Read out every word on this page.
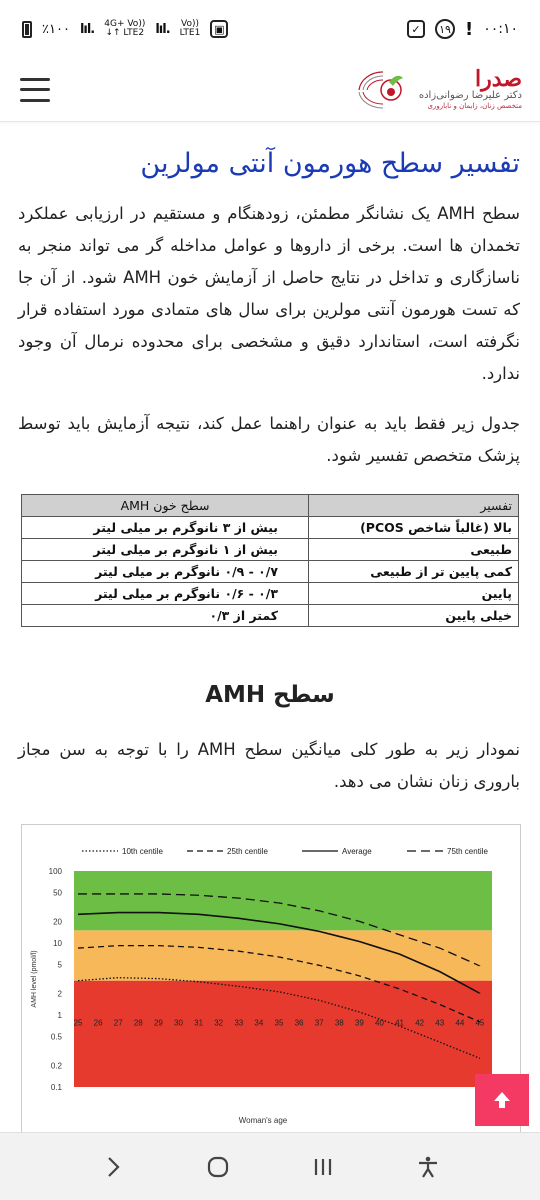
٪۱۰۰ lıl. 4G+ Vo))
↓↑ LTE2 lıl. Vo))
LTE1	▣	✓	۱۹ ! ۰۰:۱۰
صدرا
دکتر علیرضا رضوانی‌زاده
متخصص زنان، زایمان و ناباروری
تفسیر سطح هورمون آنتی مولرین

سطح AMH یک نشانگر مطمئن، زودهنگام و مستقیم در ارزیابی عملکرد تخمدان ها است. برخی از داروها و عوامل مداخله گر می تواند منجر به ناسازگاری و تداخل در نتایج حاصل از آزمایش خون AMH شود. از آن جا که تست هورمون آنتی مولرین برای سال های متمادی مورد استفاده قرار نگرفته است، استاندارد دقیق و مشخصی برای محدوده نرمال آن وجود ندارد.

جدول زیر فقط باید به عنوان راهنما عمل کند، نتیجه آزمایش باید توسط پزشک متخصص تفسیر شود.

تفسیر	سطح خون AMH
بالا (غالباً شاخص PCOS)	بیش از ۳ نانوگرم بر میلی لیتر
طبیعی	بیش از ۱ نانوگرم بر میلی لیتر
کمی پایین تر از طبیعی	۰/۷ - ۰/۹ نانوگرم بر میلی لیتر
پایین	۰/۳ - ۰/۶ نانوگرم بر میلی لیتر
خیلی پایین	کمتر از ۰/۳
سطح AMH

نمودار زیر به طور کلی میانگین سطح AMH را با توجه به سن مجاز باروری زنان نشان می دهد.

100
50
20
10
5
2
1
0.5
0.2
0.1
AMH level (pmol/l)
25 26 27 28 29 30 31 32 33 34 35 36 37 38 39 40 41 42 43 44 45
Woman's age
10th centile	25th centile	Average	75th centile
